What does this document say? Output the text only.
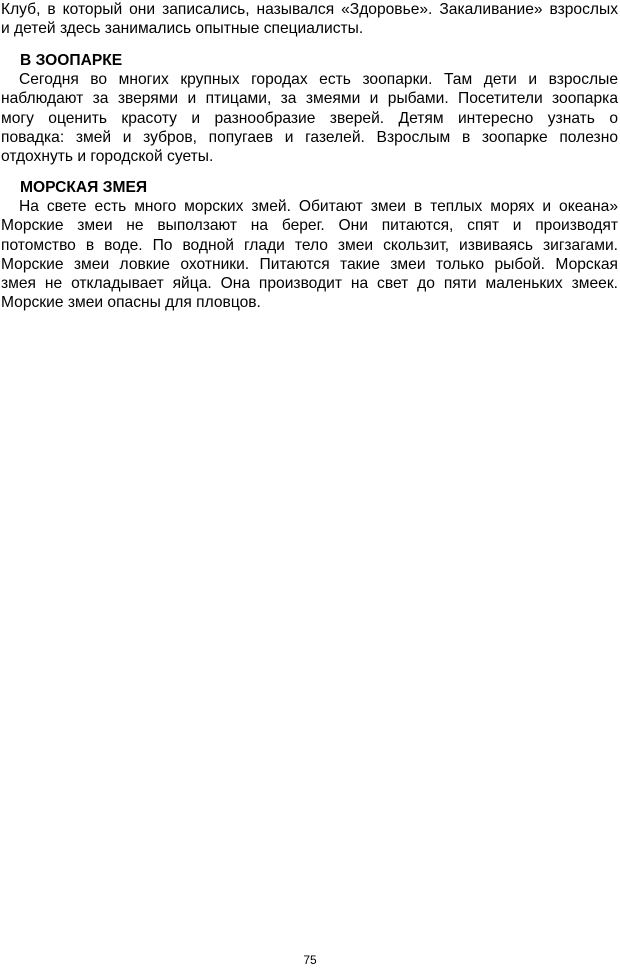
Клуб, в который они записались, назывался «Здоровье». Закаливание» взрослых
и детей здесь занимались опытные специалисты.
В ЗООПАРКЕ
Сегодня во многих крупных городах есть зоопарки. Там дети и взрослые
наблюдают за зверями и птицами, за змеями и рыбами. Посетители зоопарка
могу оценить красоту и разнообразие зверей. Детям интересно узнать о
повадка: змей и зубров, попугаев и газелей. Взрослым в зоопарке полезно
отдохнуть и городской суеты.
МОРСКАЯ ЗМЕЯ
На свете есть много морских змей. Обитают змеи в теплых морях и океана»
Морские змеи не выползают на берег. Они питаются, спят и производят
потомство в воде. По водной глади тело змеи скользит, извиваясь зигзагами.
Морские змеи ловкие охотники. Питаются такие змеи только рыбой. Морская
змея не откладывает яйца. Она производит на свет до пяти маленьких змеек.
Морские змеи опасны для пловцов.
75
